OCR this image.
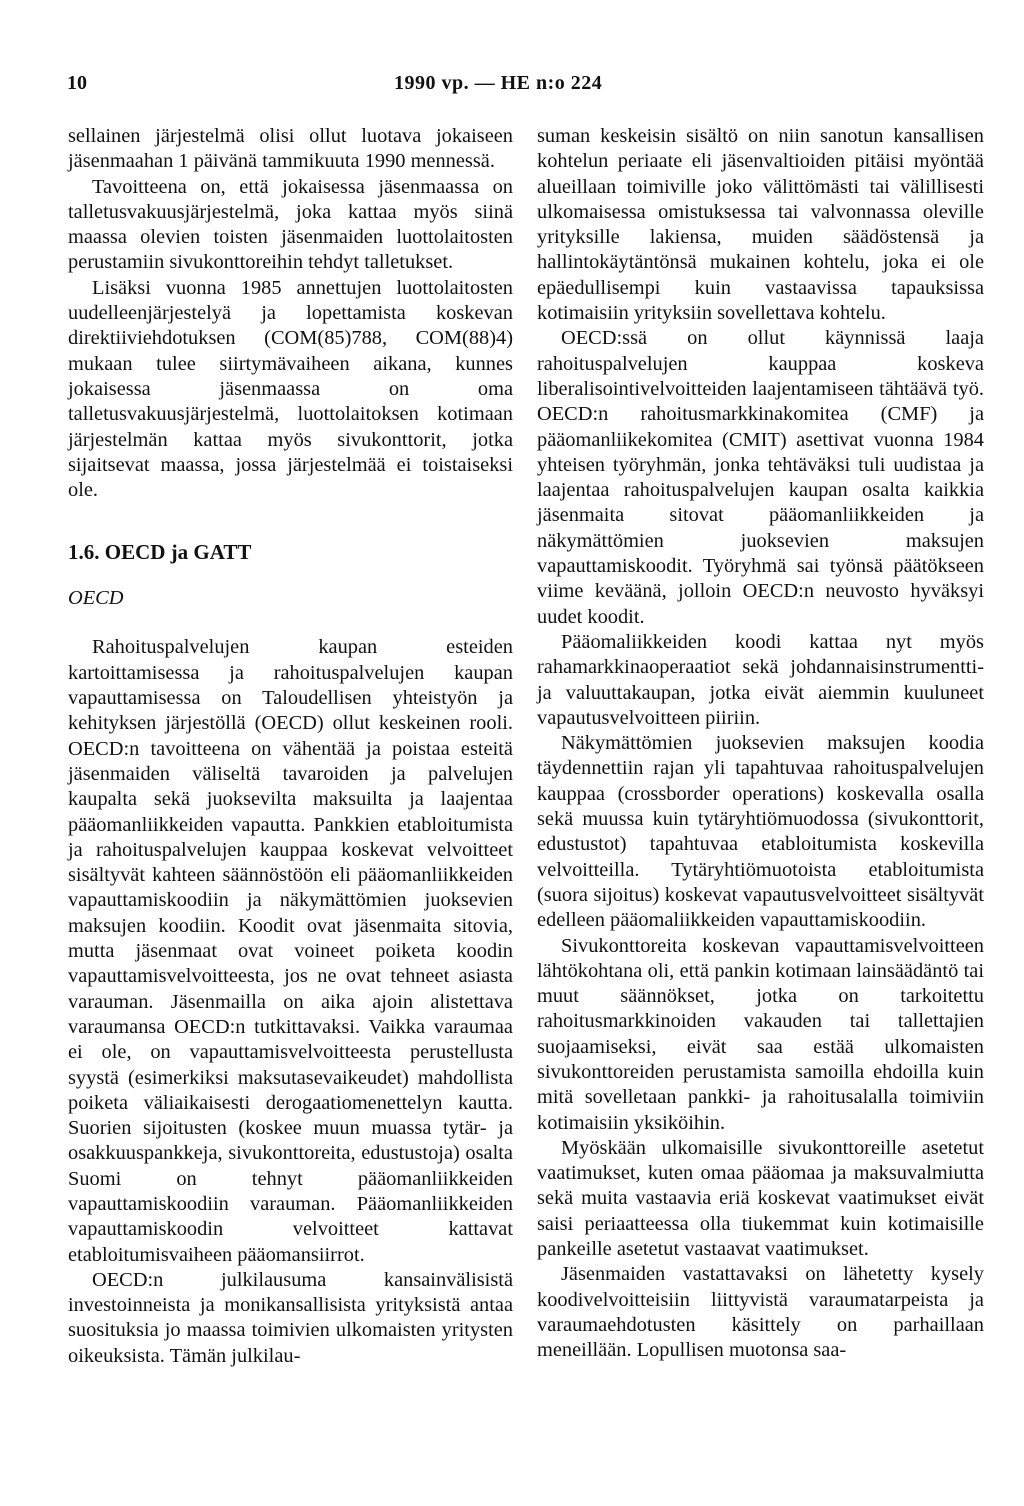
10	1990 vp. — HE n:o 224

sellainen järjestelmä olisi ollut luotava jokaiseen jäsenmaahan 1 päivänä tammikuuta 1990 mennessä.

Tavoitteena on, että jokaisessa jäsenmaassa on talletusvakuusjärjestelmä, joka kattaa myös siinä maassa olevien toisten jäsenmaiden luottolaitosten perustamiin sivukonttoreihin tehdyt talletukset.

Lisäksi vuonna 1985 annettujen luottolaitosten uudelleenjärjestelyä ja lopettamista koskevan direktiiviehdotuksen (COM(85)788, COM(88)4) mukaan tulee siirtymävaiheen aikana, kunnes jokaisessa jäsenmaassa on oma talletusvakuusjärjestelmä, luottolaitoksen kotimaan järjestelmän kattaa myös sivukonttorit, jotka sijaitsevat maassa, jossa järjestelmää ei toistaiseksi ole.

1.6. OECD ja GATT
OECD

Rahoituspalvelujen kaupan esteiden kartoittamisessa ja rahoituspalvelujen kaupan vapauttamisessa on Taloudellisen yhteistyön ja kehityksen järjestöllä (OECD) ollut keskeinen rooli. OECD:n tavoitteena on vähentää ja poistaa esteitä jäsenmaiden väliseltä tavaroiden ja palvelujen kaupalta sekä juoksevilta maksuilta ja laajentaa pääomanliikkeiden vapautta. Pankkien etabloitumista ja rahoituspalvelujen kauppaa koskevat velvoitteet sisältyvät kahteen säännöstöön eli pääomanliikkeiden vapauttamiskoodiin ja näkymättömien juoksevien maksujen koodiin. Koodit ovat jäsenmaita sitovia, mutta jäsenmaat ovat voineet poiketa koodin vapauttamisvelvoitteesta, jos ne ovat tehneet asiasta varauman. Jäsenmailla on aika ajoin alistettava varaumansa OECD:n tutkittavaksi. Vaikka varaumaa ei ole, on vapauttamisvelvoitteesta perustellusta syystä (esimerkiksi maksutasevaikeudet) mahdollista poiketa väliaikaisesti derogaatiomenettelyn kautta. Suorien sijoitusten (koskee muun muassa tytär- ja osakkuuspankkeja, sivukonttoreita, edustustoja) osalta Suomi on tehnyt pääomanliikkeiden vapauttamiskoodiin varauman. Pääomanliikkeiden vapauttamiskoodin velvoitteet kattavat etabloitumisvaiheen pääomansiirrot.

OECD:n julkilausuma kansainvälisistä investoinneista ja monikansallisista yrityksistä antaa suosituksia jo maassa toimivien ulkomaisten yritysten oikeuksista. Tämän julkilau-

suman keskeisin sisältö on niin sanotun kansallisen kohtelun periaate eli jäsenvaltioiden pitäisi myöntää alueillaan toimiville joko välittömästi tai välillisesti ulkomaisessa omistuksessa tai valvonnassa oleville yrityksille lakiensa, muiden säädöstensä ja hallintokäytäntönsä mukainen kohtelu, joka ei ole epäedullisempi kuin vastaavissa tapauksissa kotimaisiin yrityksiin sovellettava kohtelu.

OECD:ssä on ollut käynnissä laaja rahoituspalvelujen kauppaa koskeva liberalisointivelvoitteiden laajentamiseen tähtäävä työ. OECD:n rahoitusmarkkinakomitea (CMF) ja pääomanliikekomitea (CMIT) asettivat vuonna 1984 yhteisen työryhmän, jonka tehtäväksi tuli uudistaa ja laajentaa rahoituspalvelujen kaupan osalta kaikkia jäsenmaita sitovat pääomanliikkeiden ja näkymättömien juoksevien maksujen vapauttamiskoodit. Työryhmä sai työnsä päätökseen viime keväänä, jolloin OECD:n neuvosto hyväksyi uudet koodit.

Pääomaliikkeiden koodi kattaa nyt myös rahamarkkinaoperaatiot sekä johdannaisinstrumentti- ja valuuttakaupan, jotka eivät aiemmin kuuluneet vapautusvelvoitteen piiriin.

Näkymättömien juoksevien maksujen koodia täydennettiin rajan yli tapahtuvaa rahoituspalvelujen kauppaa (crossborder operations) koskevalla osalla sekä muussa kuin tytäryhtiömuodossa (sivukonttorit, edustustot) tapahtuvaa etabloitumista koskevilla velvoitteilla. Tytäryhtiömuotoista etabloitumista (suora sijoitus) koskevat vapautusvelvoitteet sisältyvät edelleen pääomaliikkeiden vapauttamiskoodiin.

Sivukonttoreita koskevan vapauttamisvelvoitteen lähtökohtana oli, että pankin kotimaan lainsäädäntö tai muut säännökset, jotka on tarkoitettu rahoitusmarkkinoiden vakauden tai tallettajien suojaamiseksi, eivät saa estää ulkomaisten sivukonttoreiden perustamista samoilla ehdoilla kuin mitä sovelletaan pankki- ja rahoitusalalla toimiviin kotimaisiin yksiköihin.

Myöskään ulkomaisille sivukonttoreille asetetut vaatimukset, kuten omaa pääomaa ja maksuvalmiutta sekä muita vastaavia eriä koskevat vaatimukset eivät saisi periaatteessa olla tiukemmat kuin kotimaisille pankeille asetetut vastaavat vaatimukset.

Jäsenmaiden vastattavaksi on lähetetty kysely koodivelvoitteisiin liittyvistä varaumatarpeista ja varaumaehdotusten käsittely on parhaillaan meneillään. Lopullisen muotonsa saa-
